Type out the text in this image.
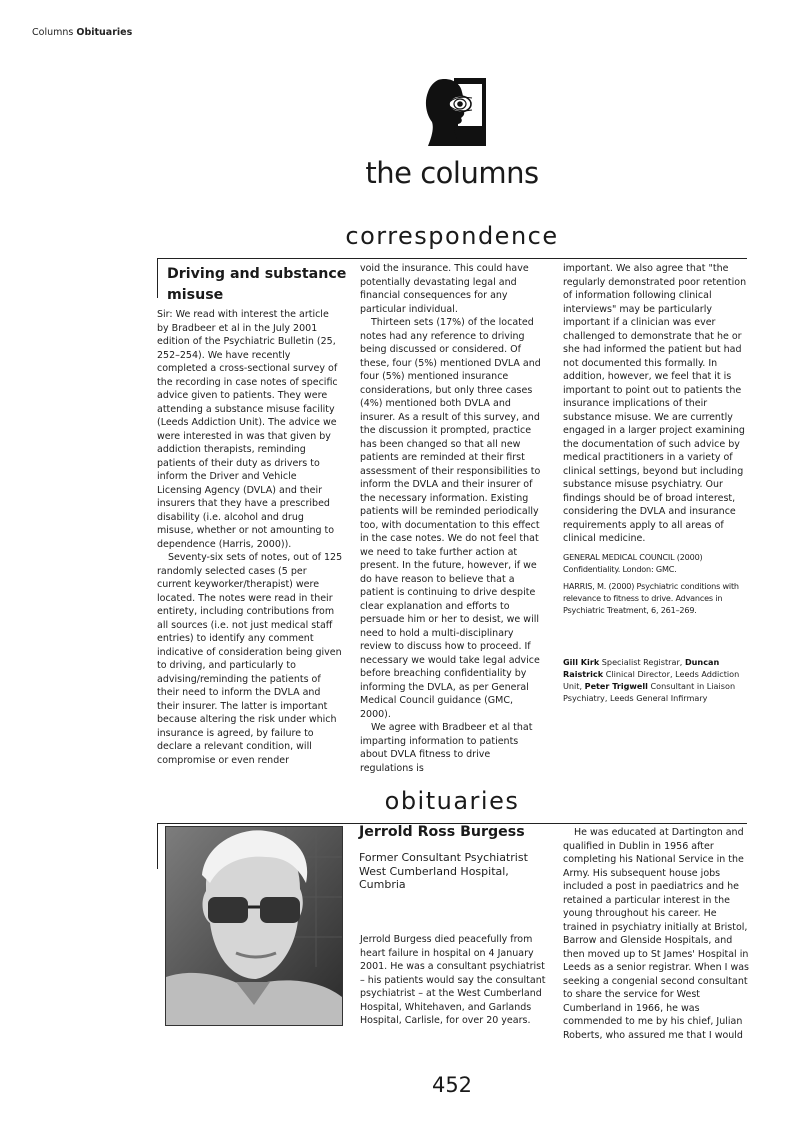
Columns Obituaries
the columns
correspondence
Driving and substance misuse

Sir: We read with interest the article by Bradbeer et al in the July 2001 edition of the Psychiatric Bulletin (25, 252–254). We have recently completed a cross-sectional survey of the recording in case notes of specific advice given to patients. They were attending a substance misuse facility (Leeds Addiction Unit). The advice we were interested in was that given by addiction therapists, reminding patients of their duty as drivers to inform the Driver and Vehicle Licensing Agency (DVLA) and their insurers that they have a prescribed disability (i.e. alcohol and drug misuse, whether or not amounting to dependence (Harris, 2000)).

Seventy-six sets of notes, out of 125 randomly selected cases (5 per current keyworker/therapist) were located. The notes were read in their entirety, including contributions from all sources (i.e. not just medical staff entries) to identify any comment indicative of consideration being given to driving, and particularly to advising/reminding the patients of their need to inform the DVLA and their insurer. The latter is important because altering the risk under which insurance is agreed, by failure to declare a relevant condition, will compromise or even render

void the insurance. This could have potentially devastating legal and financial consequences for any particular individual.

Thirteen sets (17%) of the located notes had any reference to driving being discussed or considered. Of these, four (5%) mentioned DVLA and four (5%) mentioned insurance considerations, but only three cases (4%) mentioned both DVLA and insurer. As a result of this survey, and the discussion it prompted, practice has been changed so that all new patients are reminded at their first assessment of their responsibilities to inform the DVLA and their insurer of the necessary information. Existing patients will be reminded periodically too, with documentation to this effect in the case notes. We do not feel that we need to take further action at present. In the future, however, if we do have reason to believe that a patient is continuing to drive despite clear explanation and efforts to persuade him or her to desist, we will need to hold a multi-disciplinary review to discuss how to proceed. If necessary we would take legal advice before breaching confidentiality by informing the DVLA, as per General Medical Council guidance (GMC, 2000).

We agree with Bradbeer et al that imparting information to patients about DVLA fitness to drive regulations is

important. We also agree that "the regularly demonstrated poor retention of information following clinical interviews" may be particularly important if a clinician was ever challenged to demonstrate that he or she had informed the patient but had not documented this formally. In addition, however, we feel that it is important to point out to patients the insurance implications of their substance misuse. We are currently engaged in a larger project examining the documentation of such advice by medical practitioners in a variety of clinical settings, beyond but including substance misuse psychiatry. Our findings should be of broad interest, considering the DVLA and insurance requirements apply to all areas of clinical medicine.

GENERAL MEDICAL COUNCIL (2000) Confidentiality. London: GMC.

HARRIS, M. (2000) Psychiatric conditions with relevance to fitness to drive. Advances in Psychiatric Treatment, 6, 261–269.

Gill Kirk Specialist Registrar, Duncan Raistrick Clinical Director, Leeds Addiction Unit, Peter Trigwell Consultant in Liaison Psychiatry, Leeds General Infirmary
obituaries
Jerrold Ross Burgess

Former Consultant Psychiatrist

West Cumberland Hospital,

Cumbria

Jerrold Burgess died peacefully from heart failure in hospital on 4 January 2001. He was a consultant psychiatrist – his patients would say the consultant psychiatrist – at the West Cumberland Hospital, Whitehaven, and Garlands Hospital, Carlisle, for over 20 years.

He was educated at Dartington and qualified in Dublin in 1956 after completing his National Service in the Army. His subsequent house jobs included a post in paediatrics and he retained a particular interest in the young throughout his career. He trained in psychiatry initially at Bristol, Barrow and Glenside Hospitals, and then moved up to St James' Hospital in Leeds as a senior registrar. When I was seeking a congenial second consultant to share the service for West Cumberland in 1966, he was commended to me by his chief, Julian Roberts, who assured me that I would

452
